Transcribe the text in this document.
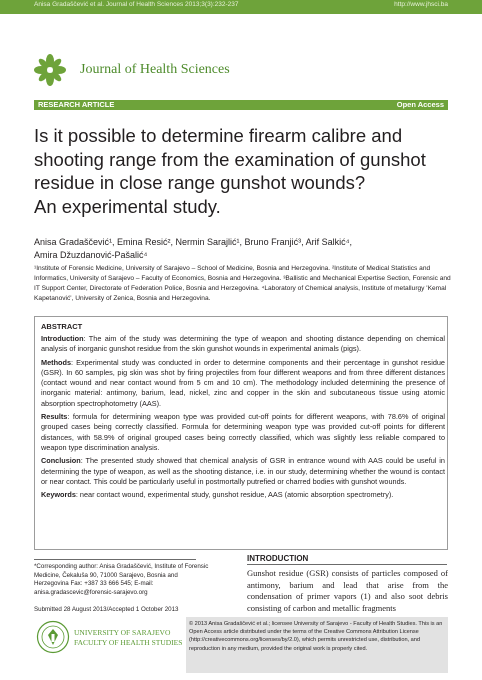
Anisa Gradaščević et al. Journal of Health Sciences 2013;3(3):232-237	http://www.jhsci.ba
Journal of Health Sciences
RESEARCH ARTICLE	Open Access
Is it possible to determine firearm calibre and
shooting range from the examination of gunshot
residue in close range gunshot wounds?
An experimental study.
Anisa Gradaščević¹, Emina Resić², Nermin Sarajlić¹, Bruno Franjić³, Arif Salkić⁴,
Amira Džuzdanović-Pašalić⁴
¹Institute of Forensic Medicine, University of Sarajevo – School of Medicine, Bosnia and Herzegovina. ²Institute of Medical Statistics and Informatics, University of Sarajevo – Faculty of Economics, Bosnia and Herzegovina. ³Ballistic and Mechanical Expertise Section, Forensic and IT Support Center, Directorate of Federation Police, Bosnia and Herzegovina. ⁴Laboratory of Chemical analysis, Institute of metallurgy 'Kemal Kapetanović', University of Zenica, Bosnia and Herzegovina.
ABSTRACT

Introduction: The aim of the study was determining the type of weapon and shooting distance depending on chemical analysis of inorganic gunshot residue from the skin gunshot wounds in experimental animals (pigs).

Methods: Experimental study was conducted in order to determine components and their percentage in gunshot residue (GSR). In 60 samples, pig skin was shot by firing projectiles from four different weapons and from three different distances (contact wound and near contact wound from 5 cm and 10 cm). The methodology included determining the presence of inorganic material: antimony, barium, lead, nickel, zinc and copper in the skin and subcutaneous tissue using atomic absorption spectrophotometry (AAS).

Results: formula for determining weapon type was provided cut-off points for different weapons, with 78.6% of original grouped cases being correctly classified. Formula for determining weapon type was provided cut-off points for different distances, with 58.9% of original grouped cases being correctly classified, which was slightly less reliable compared to weapon type discrimination analysis.

Conclusion: The presented study showed that chemical analysis of GSR in entrance wound with AAS could be useful in determining the type of weapon, as well as the shooting distance, i.e. in our study, determining whether the wound is contact or near contact. This could be particularly useful in postmortally putrefied or charred bodies with gunshot wounds.

Keywords: near contact wound, experimental study, gunshot residue, AAS (atomic absorption spectrometry).

*Corresponding author: Anisa Gradaščević, Institute of Forensic Medicine, Čekaluša 90, 71000 Sarajevo, Bosnia and Herzegovina Fax: +387 33 666 545; E-mail: anisa.gradascevic@forensic-sarajevo.org
Submitted 28 August 2013/Accepted 1 October 2013
INTRODUCTION
Gunshot residue (GSR) consists of particles composed of antimony, barium and lead that arise from the condensation of primer vapors (1) and also soot debris consisting of carbon and metallic fragments
UNIVERSITY OF SARAJEVO
FACULTY OF HEALTH STUDIES
© 2013 Anisa Gradaščević et al.; licensee University of Sarajevo - Faculty of Health Studies. This is an Open Access article distributed under the terms of the Creative Commons Attribution License (http://creativecommons.org/licenses/by/2.0), which permits unrestricted use, distribution, and reproduction in any medium, provided the original work is properly cited.
